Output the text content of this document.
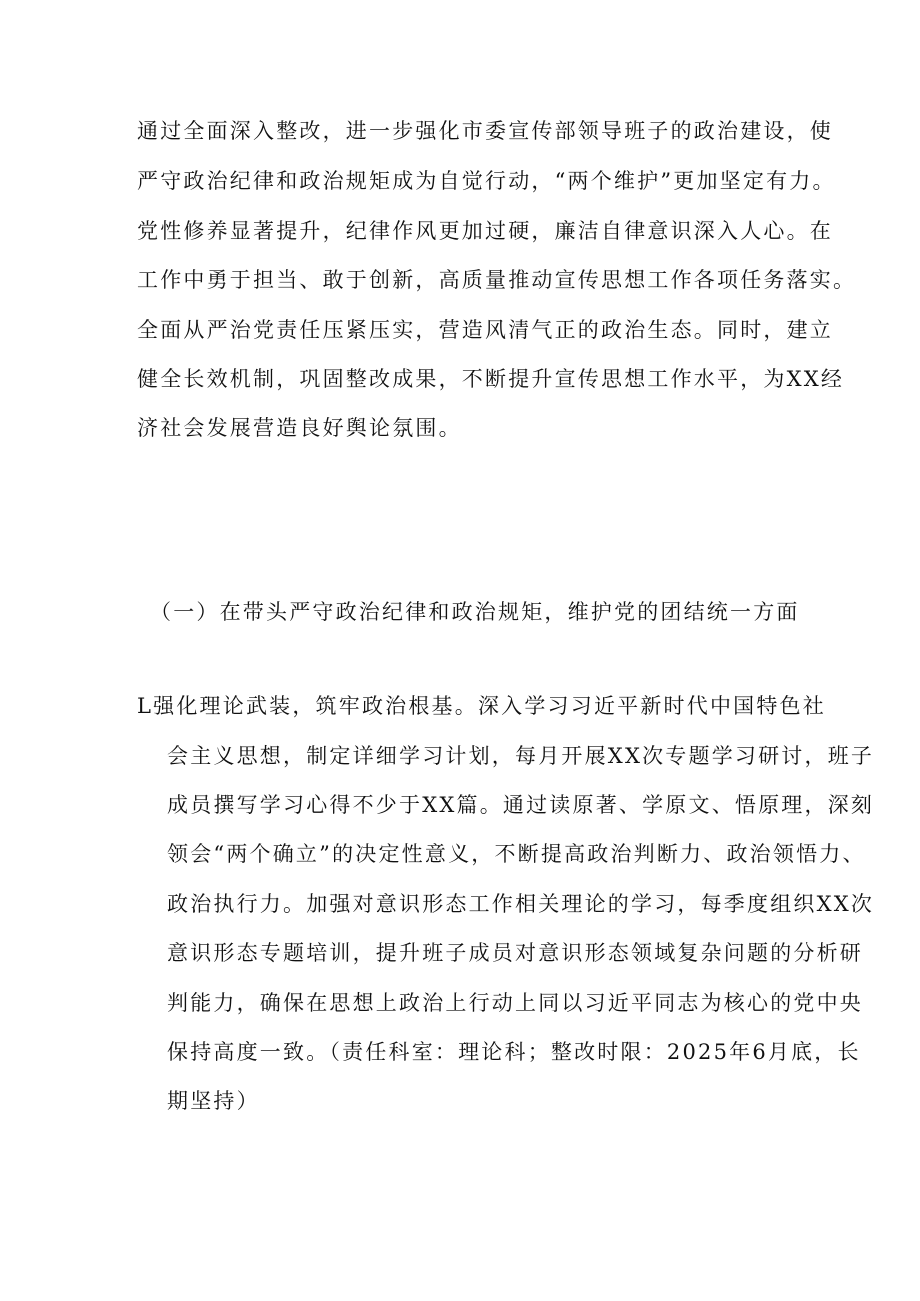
通过全面深入整改，进一步强化市委宣传部领导班子的政治建设，使
严守政治纪律和政治规矩成为自觉行动，“两个维护”更加坚定有力。
党性修养显著提升，纪律作风更加过硬，廉洁自律意识深入人心。在
工作中勇于担当、敢于创新，高质量推动宣传思想工作各项任务落实。
全面从严治党责任压紧压实，营造风清气正的政治生态。同时，建立
健全长效机制，巩固整改成果，不断提升宣传思想工作水平，为XX经
济社会发展营造良好舆论氛围。
（一）在带头严守政治纪律和政治规矩，维护党的团结统一方面
L强化理论武装，筑牢政治根基。深入学习习近平新时代中国特色社
会主义思想，制定详细学习计划，每月开展XX次专题学习研讨，班子
成员撰写学习心得不少于XX篇。通过读原著、学原文、悟原理，深刻
领会“两个确立”的决定性意义，不断提高政治判断力、政治领悟力、
政治执行力。加强对意识形态工作相关理论的学习，每季度组织XX次
意识形态专题培训，提升班子成员对意识形态领域复杂问题的分析研
判能力，确保在思想上政治上行动上同以习近平同志为核心的党中央
保持高度一致。（责任科室：理论科；整改时限：2025年6月底，长
期坚持）
